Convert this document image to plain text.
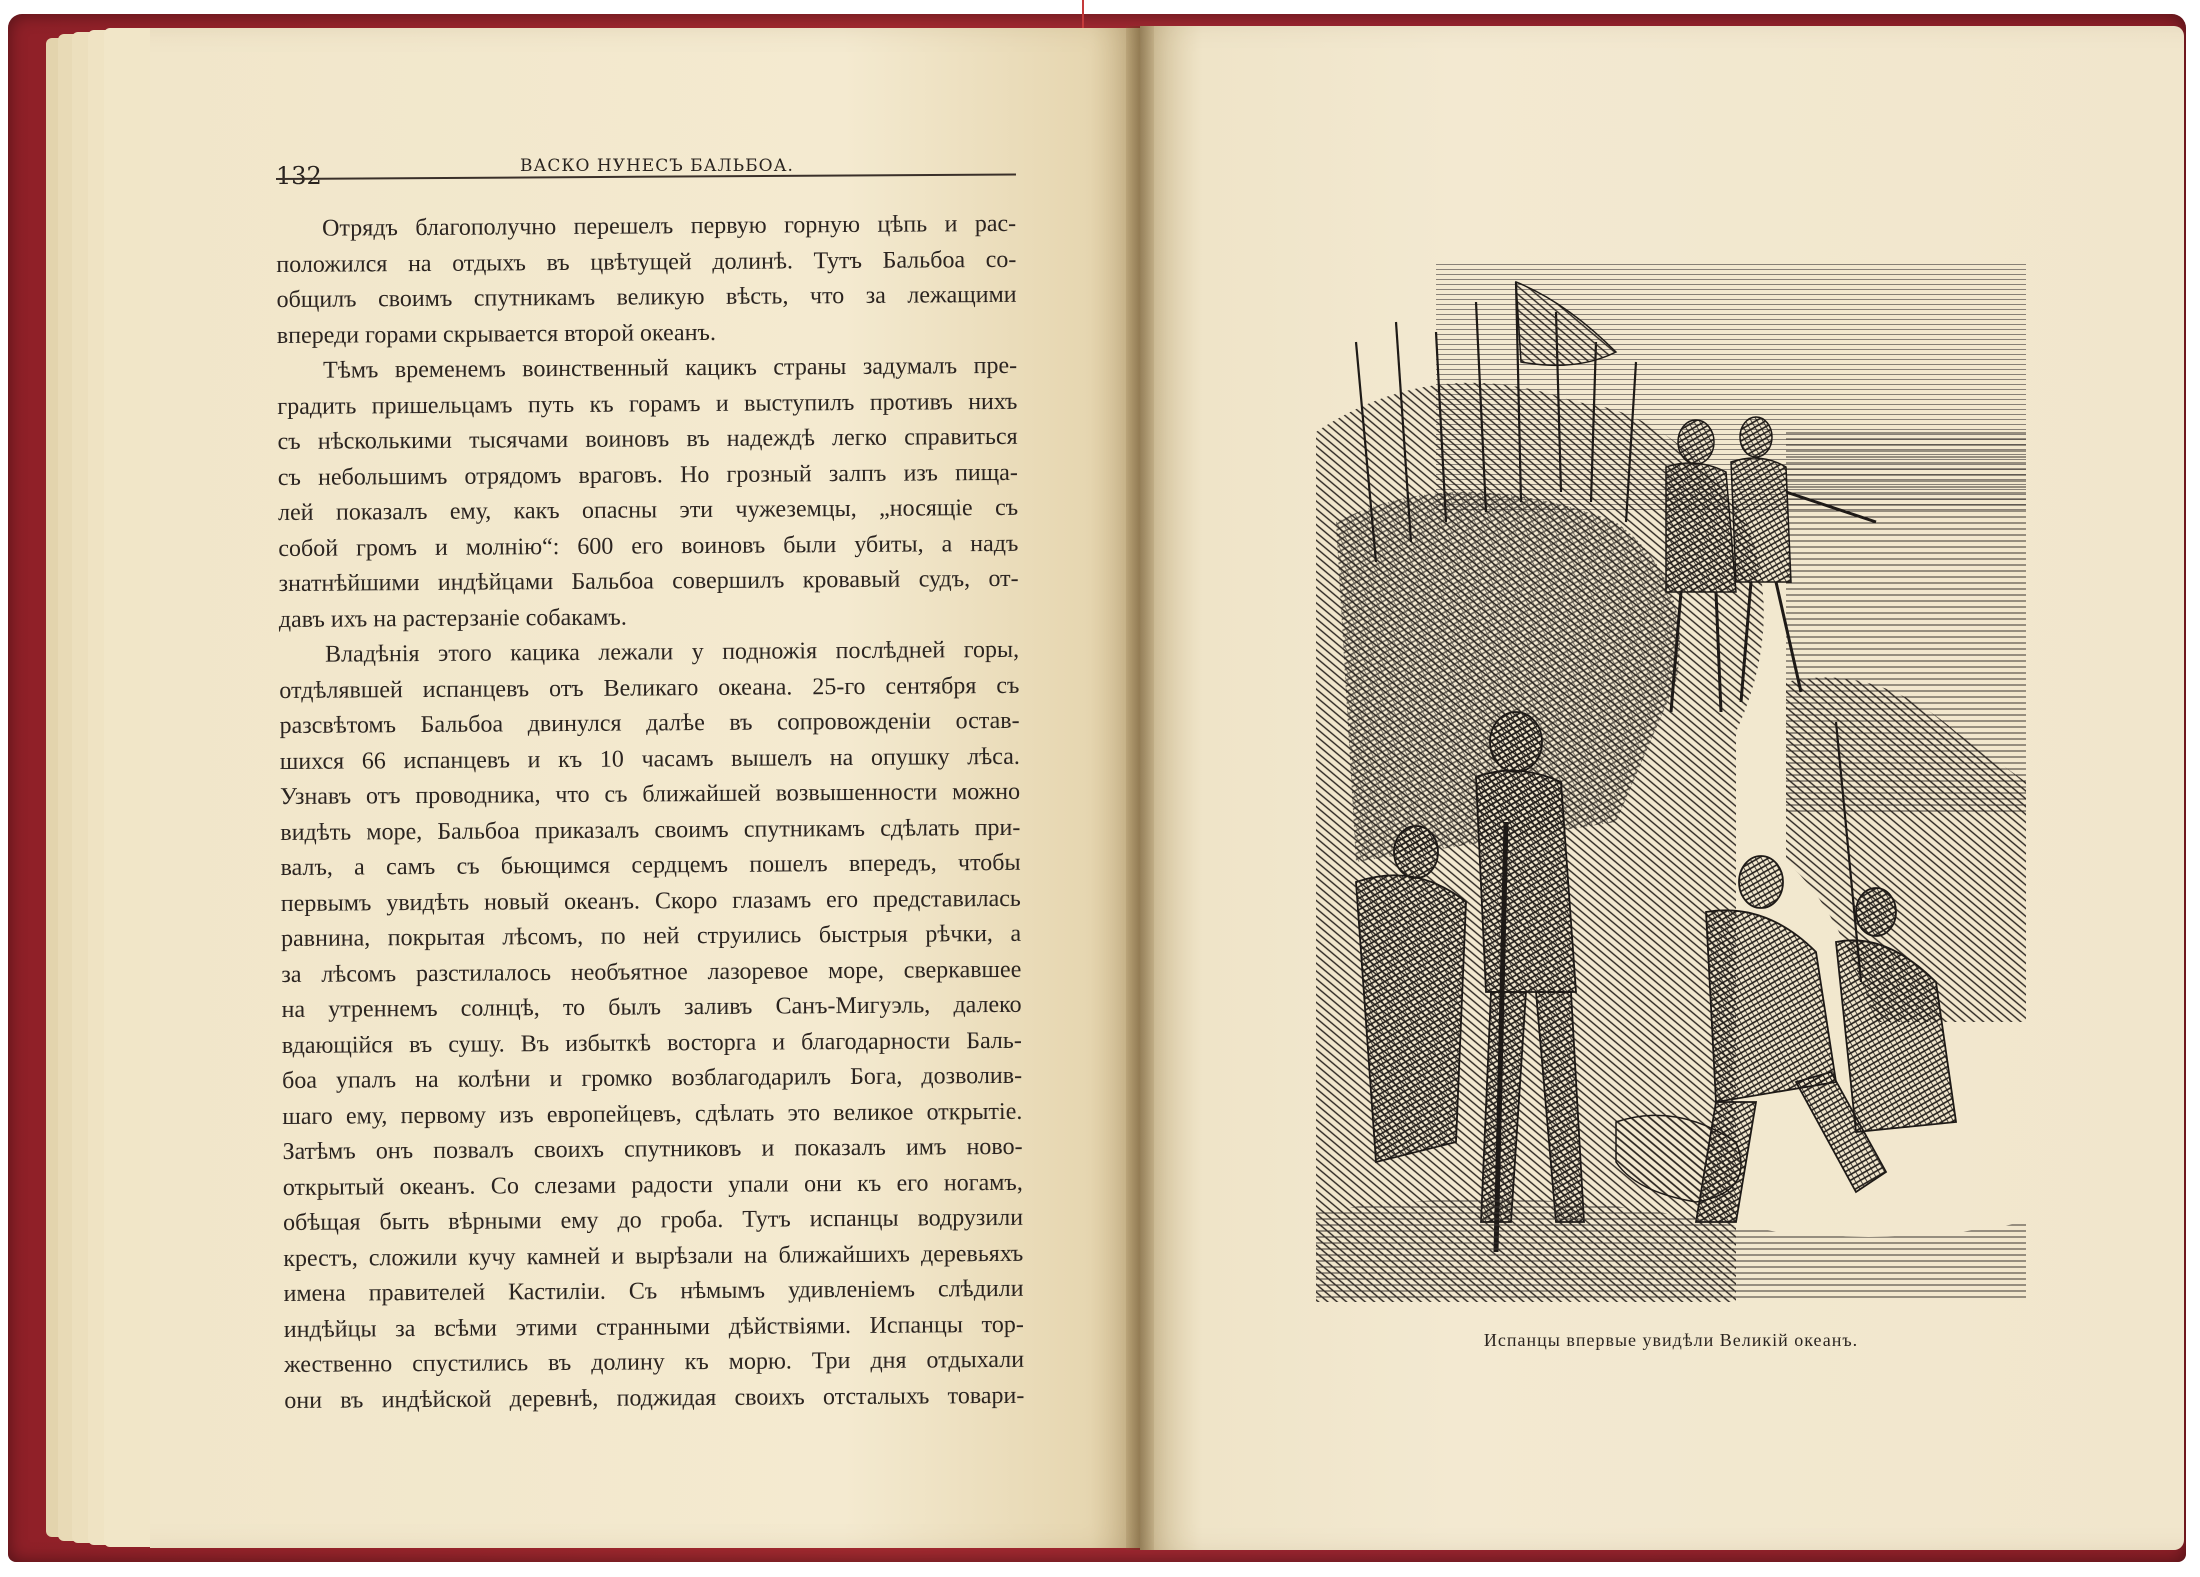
132	ВАСКО НУНЕСЪ БАЛЬБОА.
Отрядъ благополучно перешелъ первую горную цѣпь и рас-
положился на отдыхъ въ цвѣтущей долинѣ. Тутъ Бальбоа со-
общилъ своимъ спутникамъ великую вѣсть, что за лежащими
впереди горами скрывается второй океанъ.
Тѣмъ временемъ воинственный кацикъ страны задумалъ пре-
градить пришельцамъ путь къ горамъ и выступилъ противъ нихъ
съ нѣсколькими тысячами воиновъ въ надеждѣ легко справиться
съ небольшимъ отрядомъ враговъ. Но грозный залпъ изъ пища-
лей показалъ ему, какъ опасны эти чужеземцы, „носящіе съ
собой громъ и молнію“: 600 его воиновъ были убиты, а надъ
знатнѣйшими индѣйцами Бальбоа совершилъ кровавый судъ, от-
давъ ихъ на растерзаніе собакамъ.
Владѣнія этого кацика лежали у подножія послѣдней горы,
отдѣлявшей испанцевъ отъ Великаго океана. 25-го сентября съ
разсвѣтомъ Бальбоа двинулся далѣе въ сопровожденіи остав-
шихся 66 испанцевъ и къ 10 часамъ вышелъ на опушку лѣса.
Узнавъ отъ проводника, что съ ближайшей возвышенности можно
видѣть море, Бальбоа приказалъ своимъ спутникамъ сдѣлать при-
валъ, а самъ съ бьющимся сердцемъ пошелъ впередъ, чтобы
первымъ увидѣть новый океанъ. Скоро глазамъ его представилась
равнина, покрытая лѣсомъ, по ней струились быстрыя рѣчки, а
за лѣсомъ разстилалось необъятное лазоревое море, сверкавшее
на утреннемъ солнцѣ, то былъ заливъ Санъ-Мигуэль, далеко
вдающійся въ сушу. Въ избыткѣ восторга и благодарности Баль-
боа упалъ на колѣни и громко возблагодарилъ Бога, дозволив-
шаго ему, первому изъ европейцевъ, сдѣлать это великое открытіе.
Затѣмъ онъ позвалъ своихъ спутниковъ и показалъ имъ ново-
открытый океанъ. Со слезами радости упали они къ его ногамъ,
обѣщая быть вѣрными ему до гроба. Тутъ испанцы водрузили
крестъ, сложили кучу камней и вырѣзали на ближайшихъ деревьяхъ
имена правителей Кастиліи. Съ нѣмымъ удивленіемъ слѣдили
индѣйцы за всѣми этими странными дѣйствіями. Испанцы тор-
жественно спустились въ долину къ морю. Три дня отдыхали
они въ индѣйской деревнѣ, поджидая своихъ отсталыхъ товари-
Испанцы впервые увидѣли Великій океанъ.
